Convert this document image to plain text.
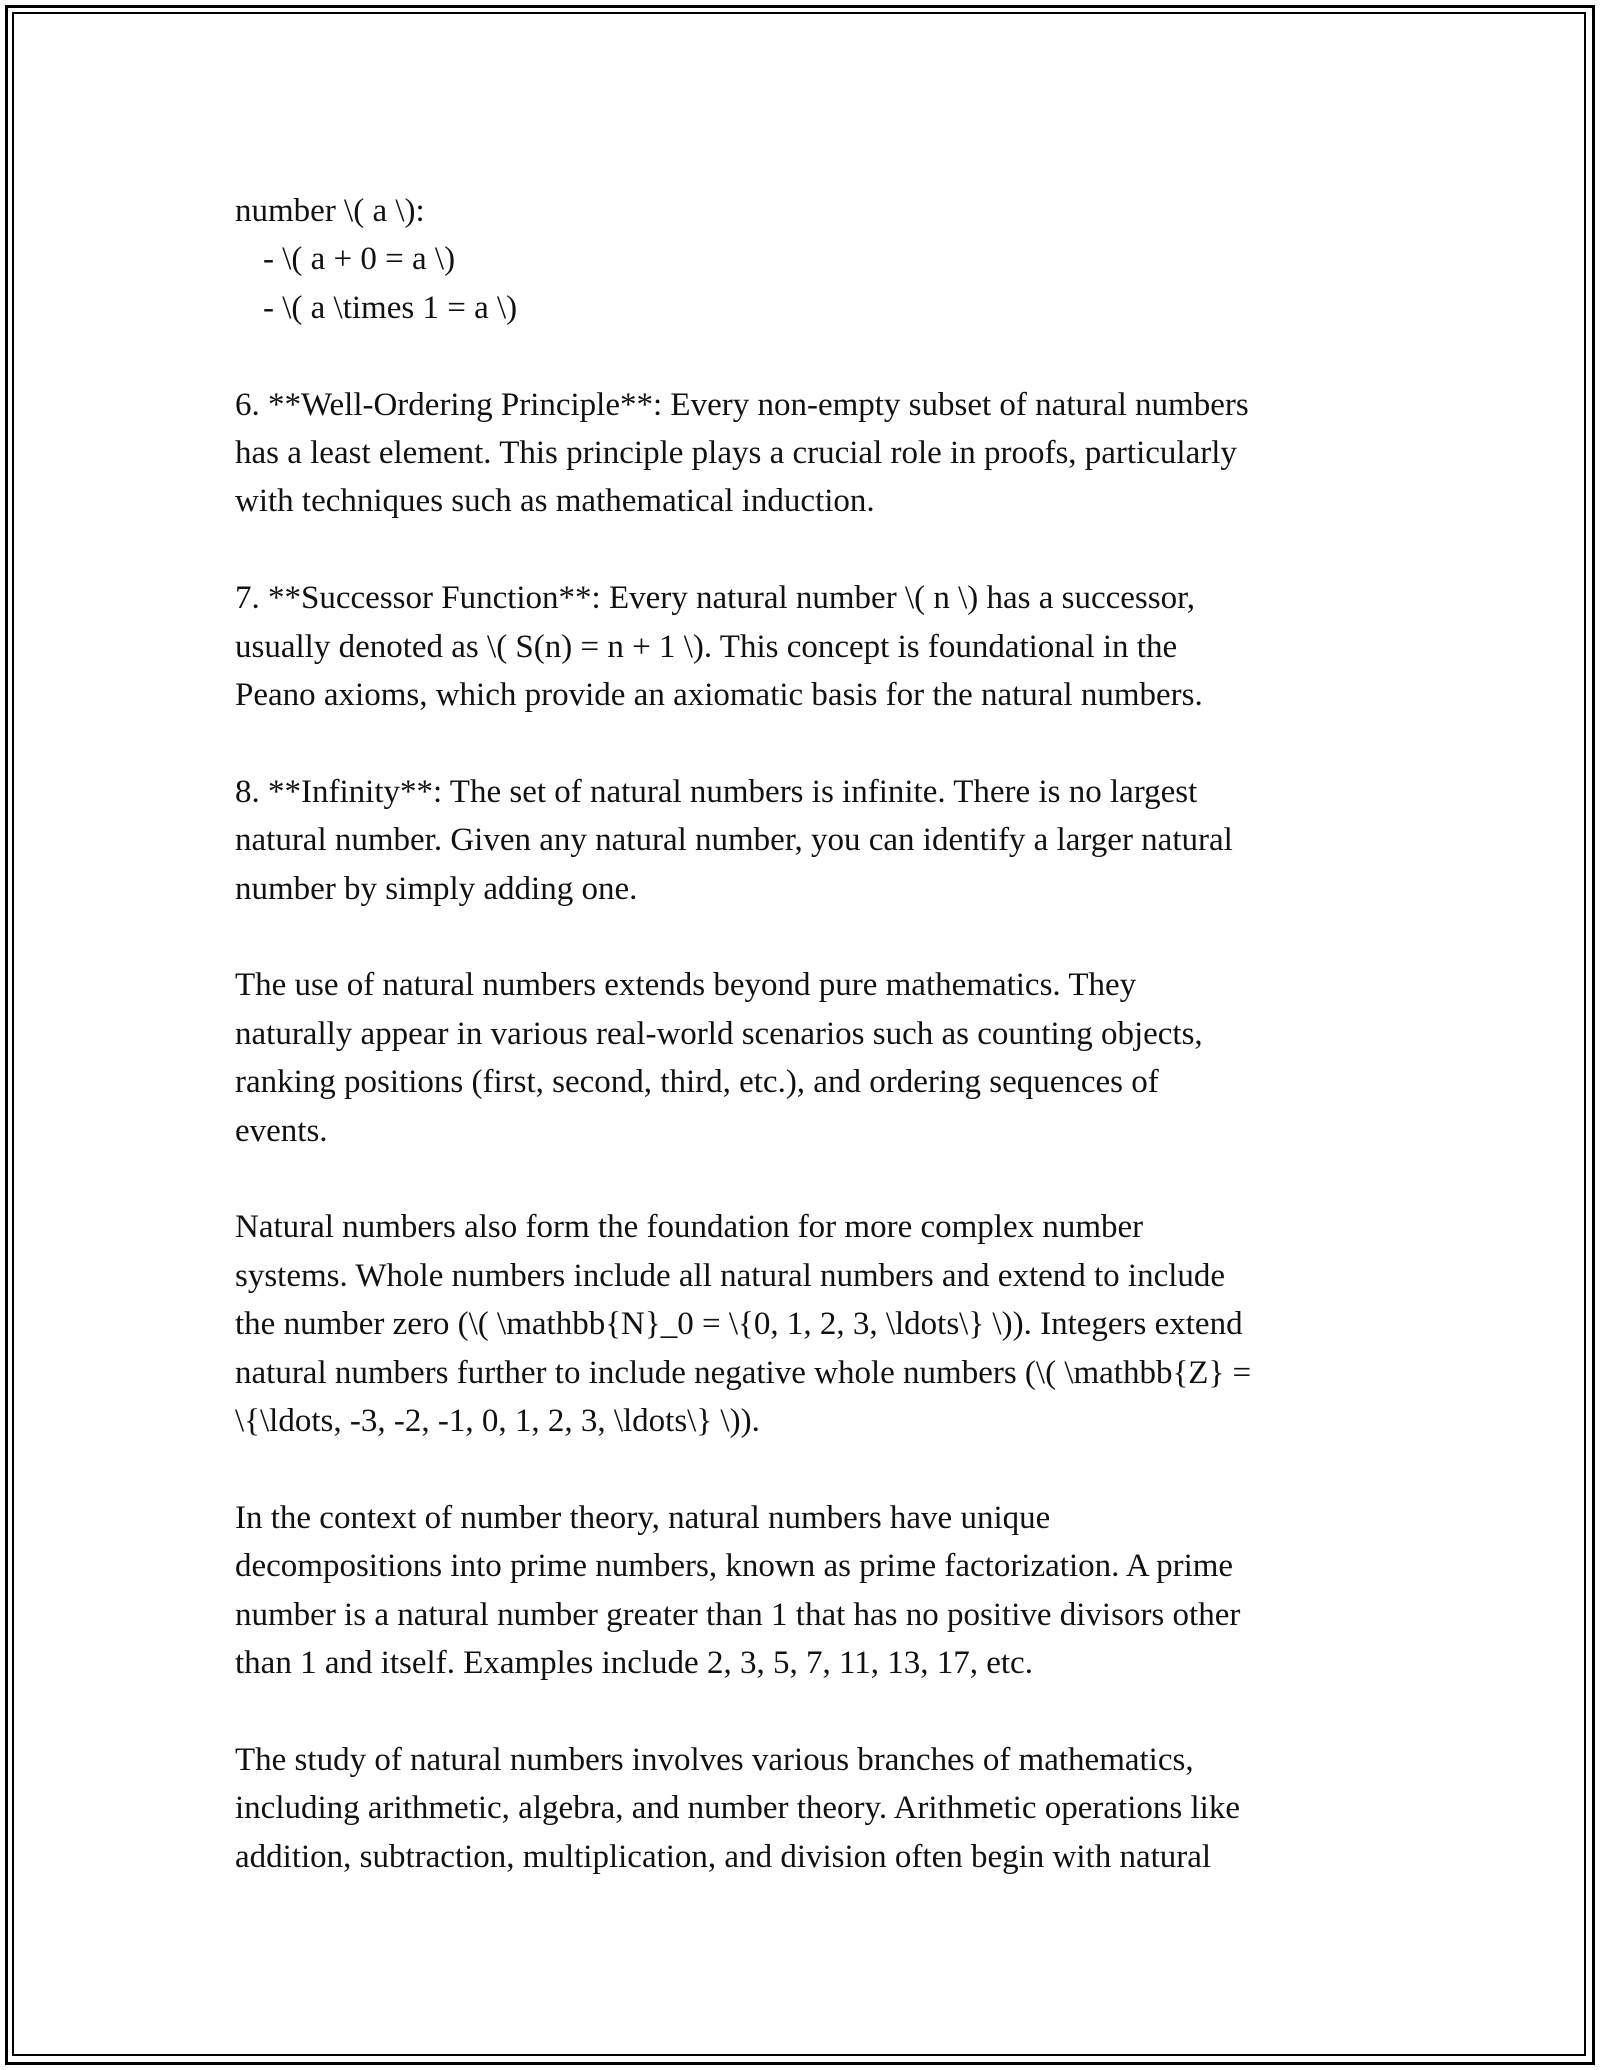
number \( a \):
- \( a + 0 = a \)
- \( a \times 1 = a \)

6. **Well-Ordering Principle**: Every non-empty subset of natural numbers
has a least element. This principle plays a crucial role in proofs, particularly
with techniques such as mathematical induction.

7. **Successor Function**: Every natural number \( n \) has a successor,
usually denoted as \( S(n) = n + 1 \). This concept is foundational in the
Peano axioms, which provide an axiomatic basis for the natural numbers.

8. **Infinity**: The set of natural numbers is infinite. There is no largest
natural number. Given any natural number, you can identify a larger natural
number by simply adding one.

The use of natural numbers extends beyond pure mathematics. They
naturally appear in various real-world scenarios such as counting objects,
ranking positions (first, second, third, etc.), and ordering sequences of
events.

Natural numbers also form the foundation for more complex number
systems. Whole numbers include all natural numbers and extend to include
the number zero (\( \mathbb{N}_0 = \{0, 1, 2, 3, \ldots\} \)). Integers extend
natural numbers further to include negative whole numbers (\( \mathbb{Z} =
\{\ldots, -3, -2, -1, 0, 1, 2, 3, \ldots\} \)).

In the context of number theory, natural numbers have unique
decompositions into prime numbers, known as prime factorization. A prime
number is a natural number greater than 1 that has no positive divisors other
than 1 and itself. Examples include 2, 3, 5, 7, 11, 13, 17, etc.

The study of natural numbers involves various branches of mathematics,
including arithmetic, algebra, and number theory. Arithmetic operations like
addition, subtraction, multiplication, and division often begin with natural
